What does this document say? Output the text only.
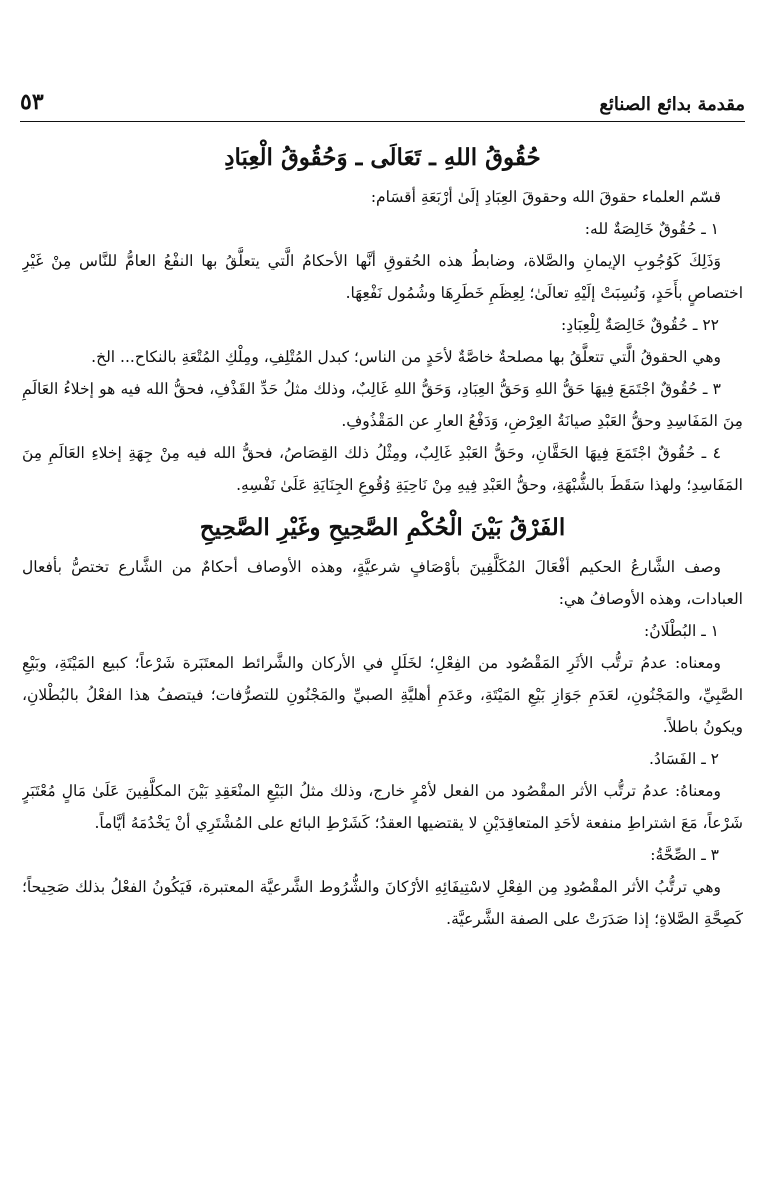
مقدمة بدائع الصنائع
٥٣
حُقُوقُ اللهِ ـ تَعَالَى ـ وَحُقُوقُ الْعِبَادِ

قسّم العلماء حقوقَ الله وحقوقَ العِبَادِ إلَىٰ أرْبَعَةِ أقسَام:

١ ـ حُقُوقٌ خَالِصَةٌ لله:

وَذَلِكَ كَوُجُوبِ الإيمانِ والصَّلاة، وضابطُ هذه الحُقوقِ أنَّها الأحكامُ الَّتي يتعلَّقُ بها النفْعُ العامُّ للنَّاس مِنْ غَيْرِ اختصاصٍ بأَحَدٍ، وَنُسِبَتْ إلَيْهِ تعالَىٰ؛ لِعِظَمِ خَطَرِهَا وشُمُول نَفْعِهَا.

٢٢ ـ حُقُوقٌ خَالِصَةٌ لِلْعِبَادِ:

وهي الحقوقُ الَّتي تتعلَّقُ بها مصلحةٌ خاصَّةٌ لأحَدٍ من الناس؛ كبدل المُتْلِفِ، ومِلْكِ المُتْعَةِ بالنكاح... الخ.

٣ ـ حُقُوقٌ اجْتَمَعَ فِيهَا حَقُّ اللهِ وَحَقُّ العِبَادِ، وَحَقُّ اللهِ غَالِبٌ، وذلك مثلُ حَدِّ القَذْفِ، فحقُّ الله فيه هو إخلاءُ العَالَمِ مِنَ المَفَاسِدِ وحقُّ العَبْدِ صيانَةُ العِرْضِ، وَدَفْعُ العارِ عن المَقْذُوفِ.

٤ ـ حُقُوقٌ اجْتَمَعَ فِيهَا الحَقَّانِ، وحَقُّ العَبْدِ غَالِبٌ، ومِثْلُ ذلك القِصَاصُ، فحقُّ الله فيه مِنْ جِهَةِ إخلاءِ العَالَمِ مِنَ المَفَاسِدِ؛ ولهذا سَقَطَ بالشُّبْهَةِ، وحقُّ العَبْدِ فِيهِ مِنْ نَاحِيَةِ وُقُوعِ الجِنَايَةِ عَلَىٰ نَفْسِهِ.

الفَرْقُ بَيْنَ الْحُكْمِ الصَّحِيحِ وغَيْرِ الصَّحِيحِ

وصف الشَّارعُ الحكيم أفْعَالَ المُكَلَّفِينَ بأوْصَافٍ شرعيَّةٍ، وهذه الأوصاف أحكامٌ من الشَّارع تختصُّ بأفعال العبادات، وهذه الأوصافُ هي:

١ ـ البُطْلَانُ:

ومعناه: عدمُ ترتُّب الأثَرِ المَقْصُود من الفِعْلِ؛ لخَلَلٍ في الأركان والشَّرائط المعتَبَرة شَرْعاً؛ كبيع المَيْتَةِ، وبَيْعِ الصَّبِيِّ، والمَجْنُونِ، لعَدَمِ جَوَازِ بَيْعِ المَيْتَةِ، وعَدَمِ أهليَّةِ الصبيِّ والمَجْنُونِ للتصرُّفات؛ فيتصفُ هذا الفعْلُ بالبُطْلانِ، ويكونُ باطلاً.

٢ ـ الفَسَادُ.

ومعناهُ: عدمُ ترتُّب الأثر المقْصُود من الفعل لأمْرٍ خارج، وذلك مثلُ البَيْعِ المنْعَقِدِ بَيْنَ المكلَّفِينَ عَلَىٰ مَالٍ مُعْتَبَرٍ شَرْعاً، مَعَ اشتراطِ منفعة لأحَدِ المتعاقِدَيْنِ لا يقتضيها العقدُ؛ كَشَرْطِ البائع على المُشْتَرِي أنْ يَخْدُمَهُ أيَّاماً.

٣ ـ الصِّحَّةُ:

وهي ترتُّبُ الأثر المقْصُودِ مِن الفِعْلِ لاسْتِيفَائِهِ الأرْكانَ والشُّرُوط الشَّرعيَّة المعتبرة، فَيَكُونُ الفعْلُ بذلك صَحِيحاً؛ كَصِحَّةِ الصَّلاةِ؛ إذا صَدَرَتْ على الصفة الشَّرعيَّة.
